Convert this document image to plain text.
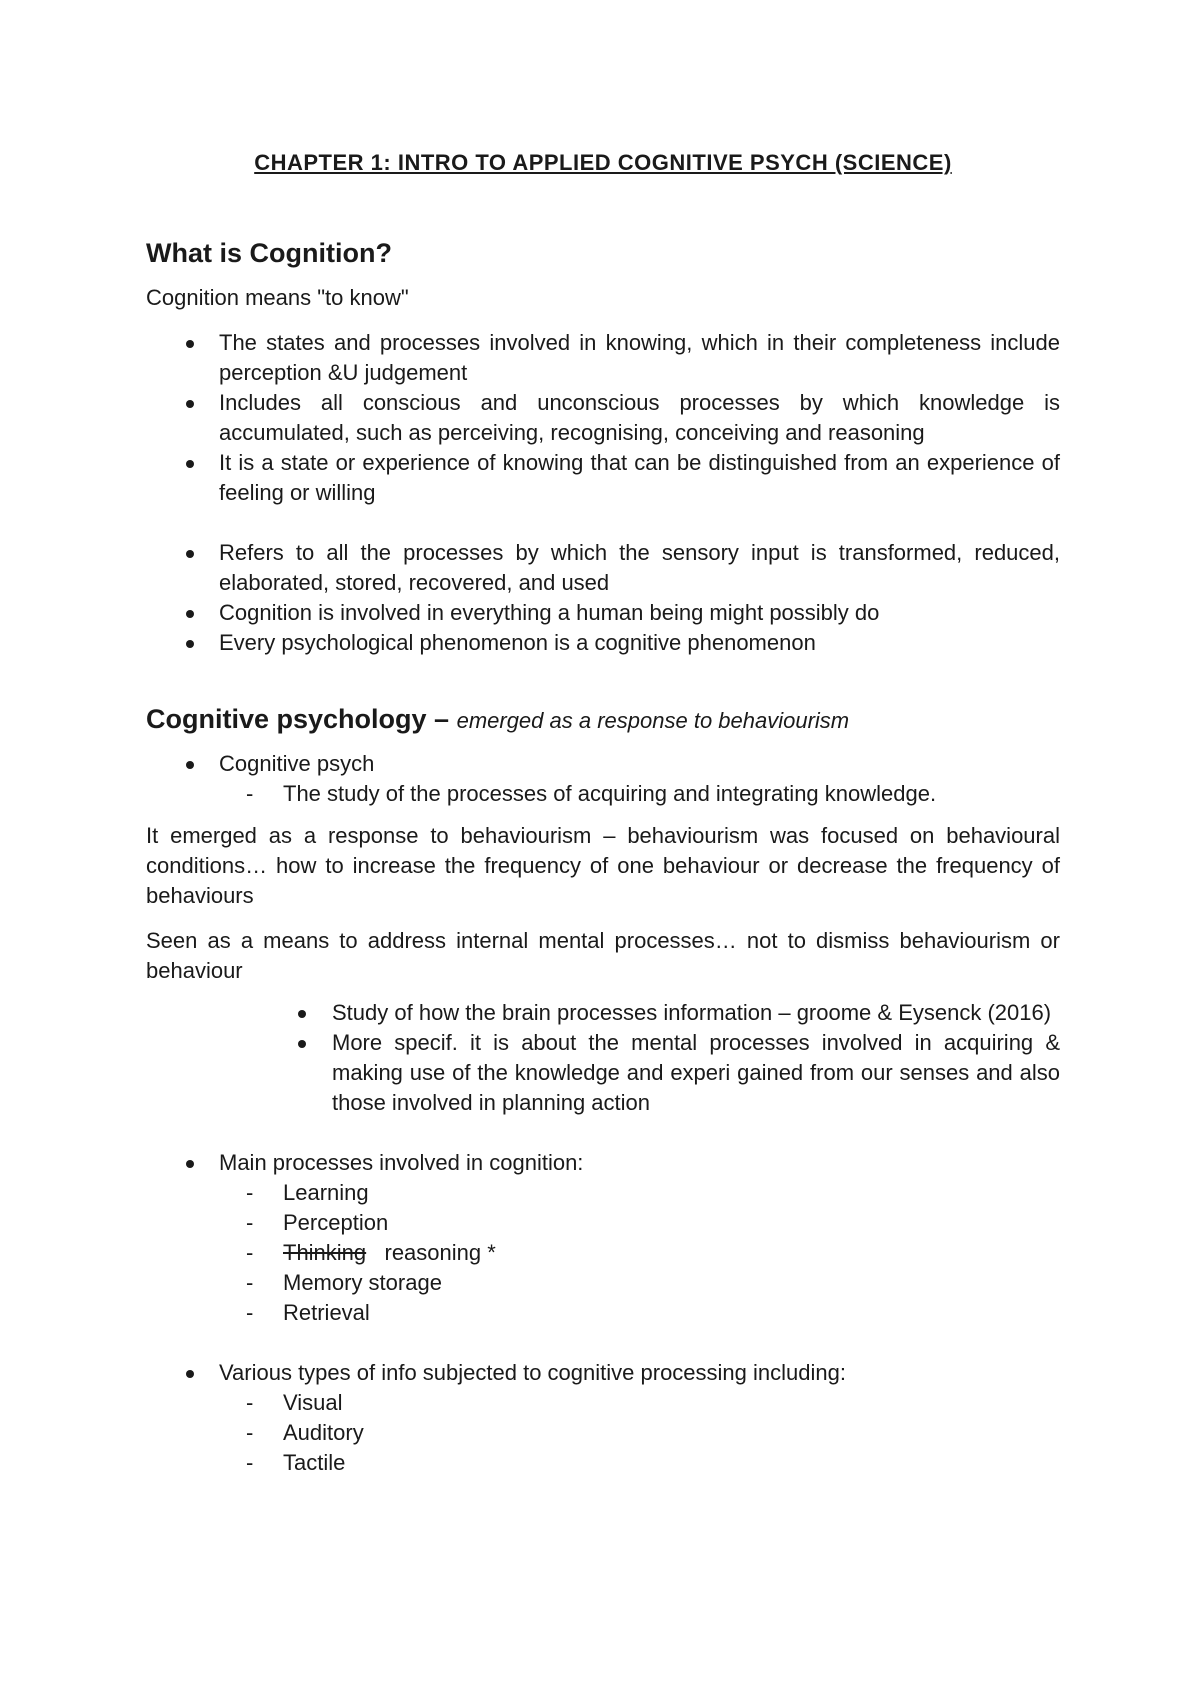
CHAPTER 1: INTRO TO APPLIED COGNITIVE PSYCH (SCIENCE)
What is Cognition?

Cognition means "to know"

The states and processes involved in knowing, which in their completeness include perception &U judgement
Includes all conscious and unconscious processes by which knowledge is accumulated, such as perceiving, recognising, conceiving and reasoning
It is a state or experience of knowing that can be distinguished from an experience of feeling or willing
Refers to all the processes by which the sensory input is transformed, reduced, elaborated, stored, recovered, and used
Cognition is involved in everything a human being might possibly do
Every psychological phenomenon is a cognitive phenomenon
Cognitive psychology – emerged as a response to behaviourism
Cognitive psych
- The study of the processes of acquiring and integrating knowledge.

It emerged as a response to behaviourism – behaviourism was focused on behavioural conditions… how to increase the frequency of one behaviour or decrease the frequency of behaviours

Seen as a means to address internal mental processes… not to dismiss behaviourism or behaviour

Study of how the brain processes information – groome & Eysenck (2016)
More specif. it is about the mental processes involved in acquiring & making use of the knowledge and experi gained from our senses and also those involved in planning action
Main processes involved in cognition:
- Learning
- Perception
- Thinking reasoning *
- Memory storage
- Retrieval
Various types of info subjected to cognitive processing including:
- Visual
- Auditory
- Tactile
